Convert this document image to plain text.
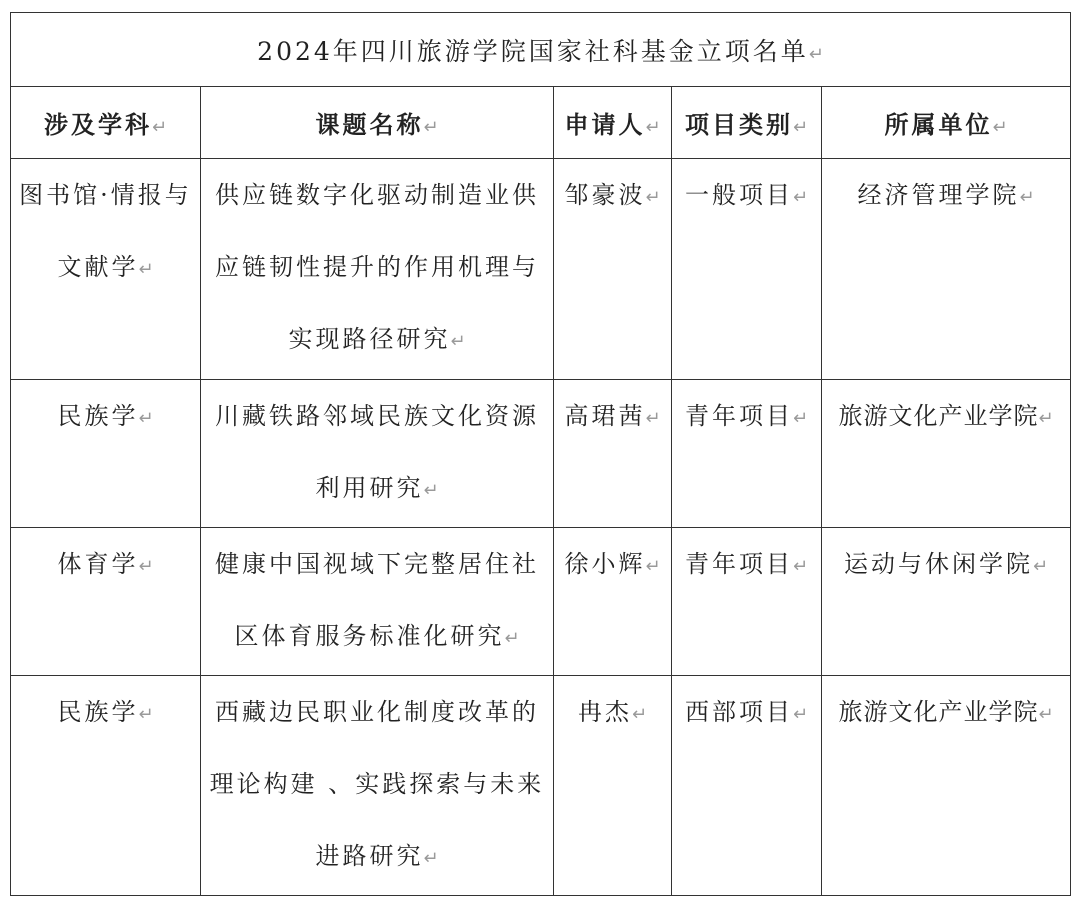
2024年四川旅游学院国家社科基金立项名单↵				
涉及学科↵	课题名称↵	申请人↵	项目类别↵	所属单位↵

图书馆·情报与文献学↵	供应链数字化驱动制造业供应链韧性提升的作用机理与实现路径研究↵	邹豪波↵	一般项目↵	经济管理学院↵

民族学↵	川藏铁路邻域民族文化资源利用研究↵	高珺茜↵	青年项目↵	旅游文化产业学院↵

体育学↵	健康中国视域下完整居住社区体育服务标准化研究↵	徐小辉↵	青年项目↵	运动与休闲学院↵

民族学↵	西藏边民职业化制度改革的理论构建 、实践探索与未来进路研究↵	冉杰↵	西部项目↵	旅游文化产业学院↵
